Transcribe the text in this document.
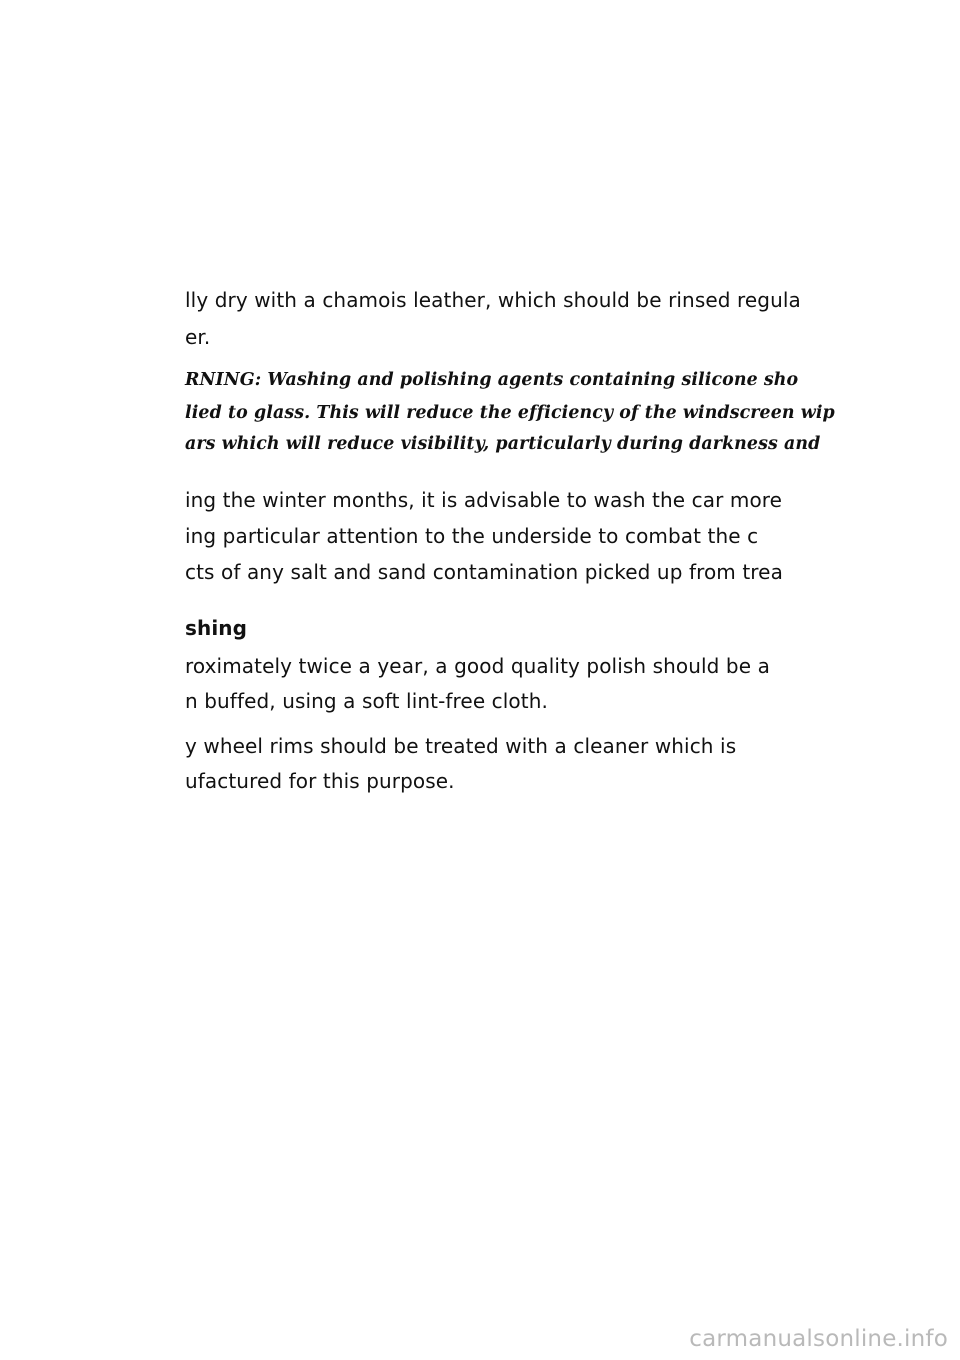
lly dry with a chamois leather, which should be rinsed regula
er.
RNING: Washing and polishing agents containing silicone sho
lied to glass. This will reduce the efficiency of the windscreen wip
ars which will reduce visibility, particularly during darkness and
ing the winter months, it is advisable to wash the car more
ing particular attention to the underside to combat the c
cts of any salt and sand contamination picked up from trea
shing
roximately twice a year, a good quality polish should be a
n buffed, using a soft lint-free cloth.
y wheel rims should be treated with a cleaner which is
ufactured for this purpose.
carmanualsonline.info
